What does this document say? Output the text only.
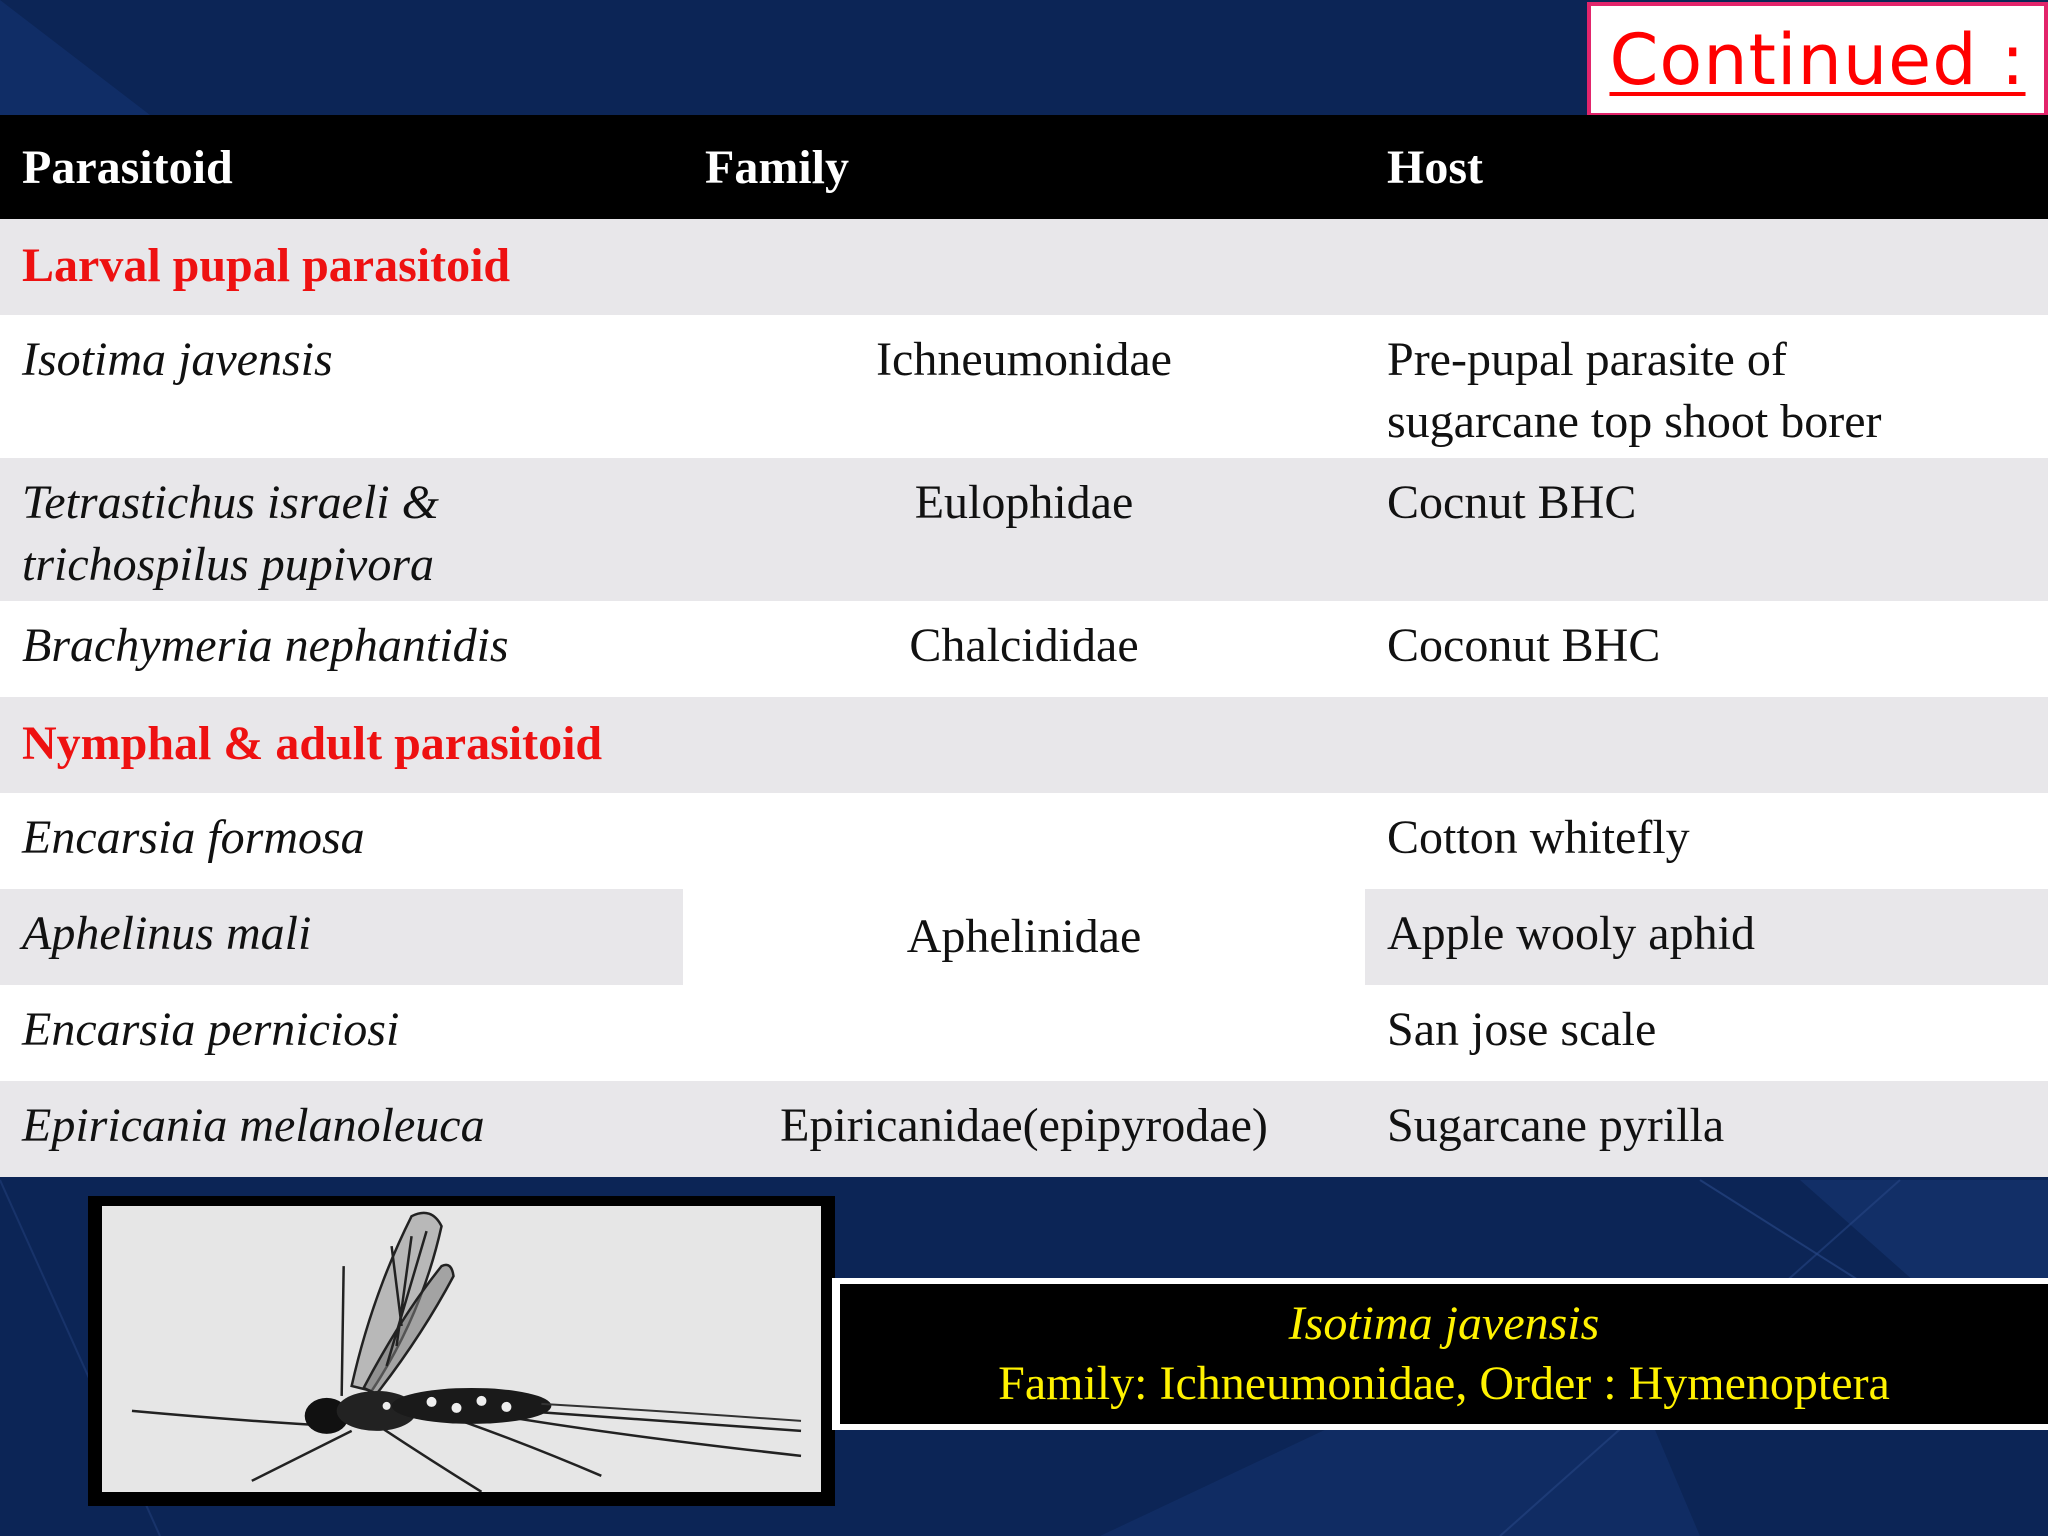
Continued :
Parasitoid	Family	Host
Larval pupal parasitoid		
Isotima javensis	Ichneumonidae	Pre-pupal parasite of
sugarcane top shoot borer

Tetrastichus israeli &
trichospilus pupivora	Eulophidae	Cocnut BHC
Brachymeria nephantidis	Chalcididae	Coconut BHC
Nymphal & adult parasitoid		
Encarsia formosa	Aphelinidae	Cotton whitefly
Aphelinus mali		Apple wooly aphid
Encarsia perniciosi		San jose scale
Epiricania melanoleuca	Epiricanidae(epipyrodae)	Sugarcane pyrilla
Isotima javensis
Family: Ichneumonidae, Order : Hymenoptera
